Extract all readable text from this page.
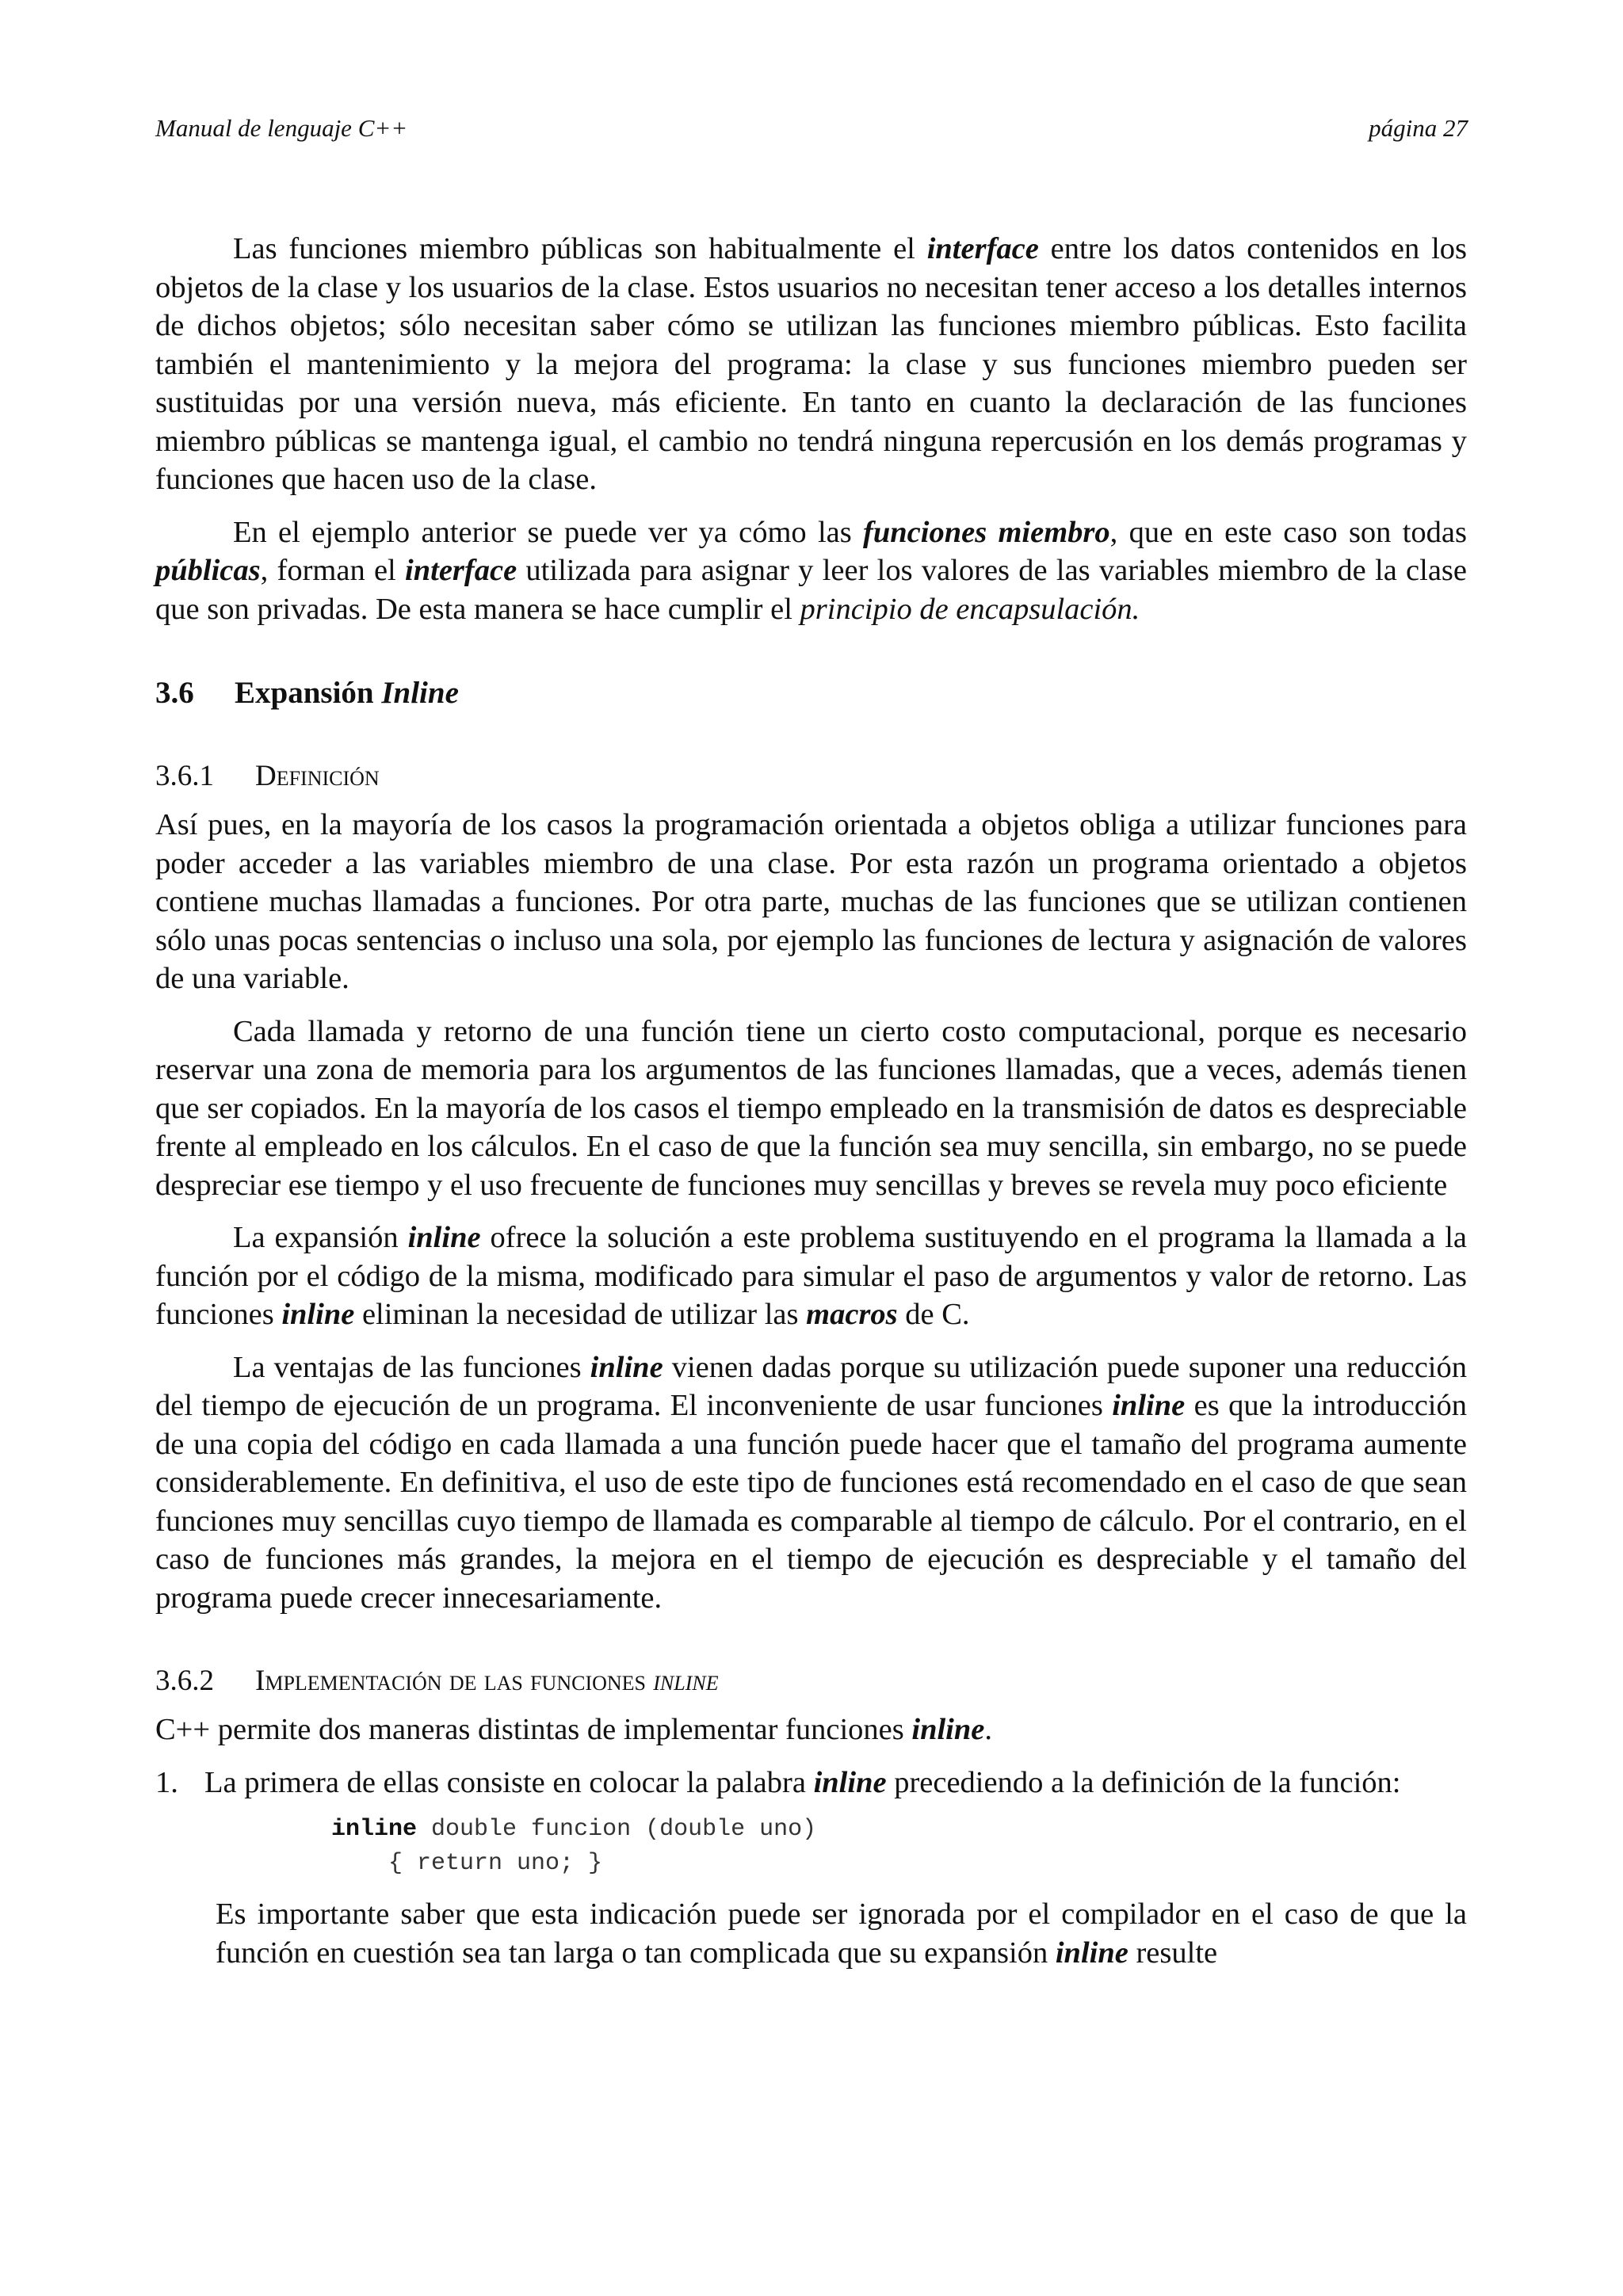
Manual de lenguaje C++	página 27

Las funciones miembro públicas son habitualmente el interface entre los datos contenidos en los objetos de la clase y los usuarios de la clase. Estos usuarios no necesitan tener acceso a los detalles internos de dichos objetos; sólo necesitan saber cómo se utilizan las funciones miembro públicas. Esto facilita también el mantenimiento y la mejora del programa: la clase y sus funciones miembro pueden ser sustituidas por una versión nueva, más eficiente. En tanto en cuanto la declaración de las funciones miembro públicas se mantenga igual, el cambio no tendrá ninguna repercusión en los demás programas y funciones que hacen uso de la clase.

En el ejemplo anterior se puede ver ya cómo las funciones miembro, que en este caso son todas públicas, forman el interface utilizada para asignar y leer los valores de las variables miembro de la clase que son privadas. De esta manera se hace cumplir el principio de encapsulación.

3.6 Expansión Inline
3.6.1 Definición

Así pues, en la mayoría de los casos la programación orientada a objetos obliga a utilizar funciones para poder acceder a las variables miembro de una clase. Por esta razón un programa orientado a objetos contiene muchas llamadas a funciones. Por otra parte, muchas de las funciones que se utilizan contienen sólo unas pocas sentencias o incluso una sola, por ejemplo las funciones de lectura y asignación de valores de una variable.

Cada llamada y retorno de una función tiene un cierto costo computacional, porque es necesario reservar una zona de memoria para los argumentos de las funciones llamadas, que a veces, además tienen que ser copiados. En la mayoría de los casos el tiempo empleado en la transmisión de datos es despreciable frente al empleado en los cálculos. En el caso de que la función sea muy sencilla, sin embargo, no se puede despreciar ese tiempo y el uso frecuente de funciones muy sencillas y breves se revela muy poco eficiente

La expansión inline ofrece la solución a este problema sustituyendo en el programa la llamada a la función por el código de la misma, modificado para simular el paso de argumentos y valor de retorno. Las funciones inline eliminan la necesidad de utilizar las macros de C.

La ventajas de las funciones inline vienen dadas porque su utilización puede suponer una reducción del tiempo de ejecución de un programa. El inconveniente de usar funciones inline es que la introducción de una copia del código en cada llamada a una función puede hacer que el tamaño del programa aumente considerablemente. En definitiva, el uso de este tipo de funciones está recomendado en el caso de que sean funciones muy sencillas cuyo tiempo de llamada es comparable al tiempo de cálculo. Por el contrario, en el caso de funciones más grandes, la mejora en el tiempo de ejecución es despreciable y el tamaño del programa puede crecer innecesariamente.

3.6.2 Implementación de las funciones inline

C++ permite dos maneras distintas de implementar funciones inline.

1. La primera de ellas consiste en colocar la palabra inline precediendo a la definición de la función:
inline double funcion (double uno)
{ return uno; }

Es importante saber que esta indicación puede ser ignorada por el compilador en el caso de que la función en cuestión sea tan larga o tan complicada que su expansión inline resulte
